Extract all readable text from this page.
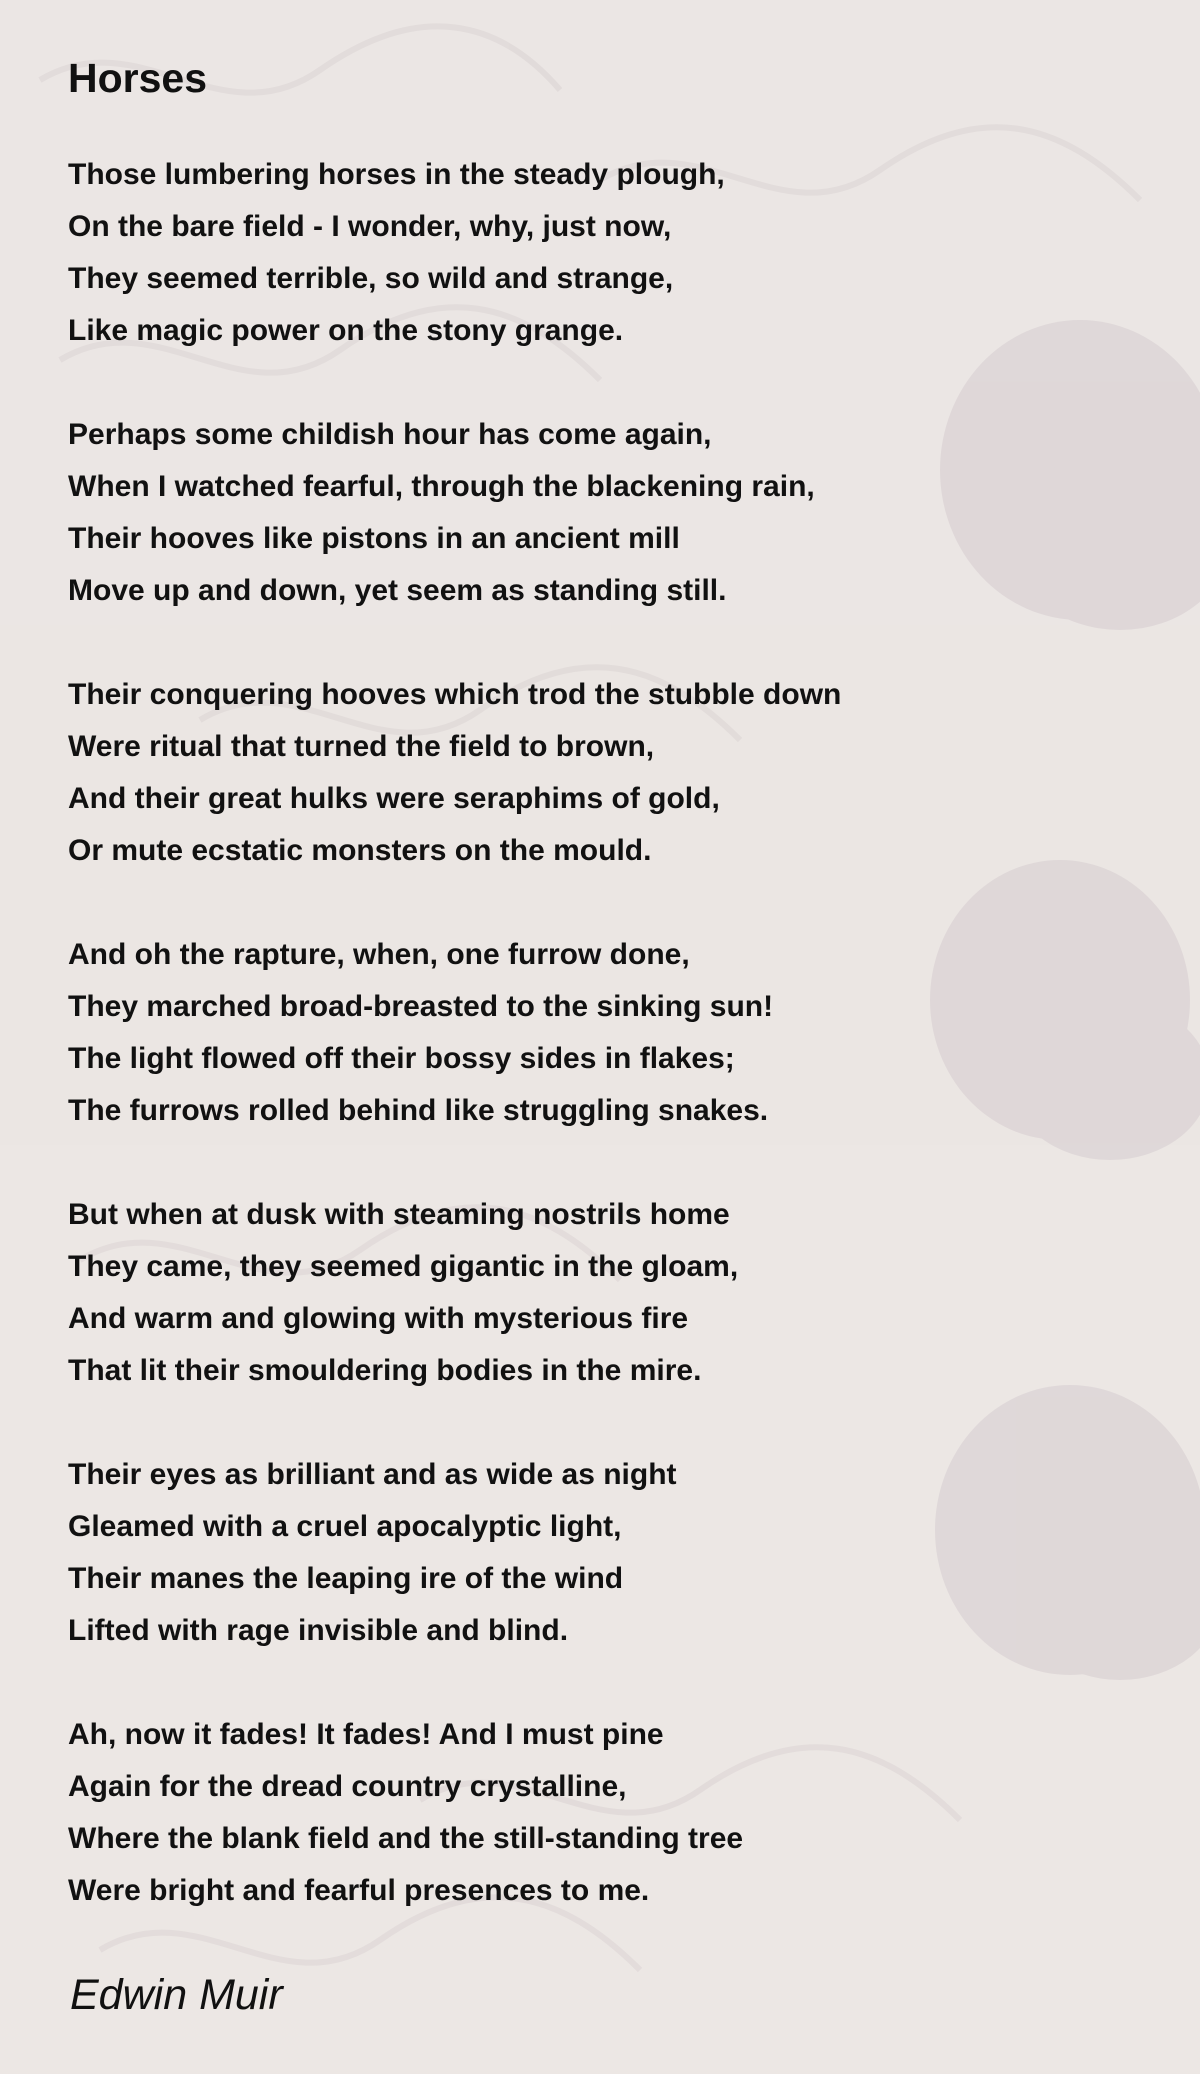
Horses
Those lumbering horses in the steady plough,
On the bare field - I wonder, why, just now,
They seemed terrible, so wild and strange,
Like magic power on the stony grange.
Perhaps some childish hour has come again,
When I watched fearful, through the blackening rain,
Their hooves like pistons in an ancient mill
Move up and down, yet seem as standing still.
Their conquering hooves which trod the stubble down
Were ritual that turned the field to brown,
And their great hulks were seraphims of gold,
Or mute ecstatic monsters on the mould.
And oh the rapture, when, one furrow done,
They marched broad-breasted to the sinking sun!
The light flowed off their bossy sides in flakes;
The furrows rolled behind like struggling snakes.
But when at dusk with steaming nostrils home
They came, they seemed gigantic in the gloam,
And warm and glowing with mysterious fire
That lit their smouldering bodies in the mire.
Their eyes as brilliant and as wide as night
Gleamed with a cruel apocalyptic light,
Their manes the leaping ire of the wind
Lifted with rage invisible and blind.
Ah, now it fades! It fades! And I must pine
Again for the dread country crystalline,
Where the blank field and the still-standing tree
Were bright and fearful presences to me.

Edwin Muir
